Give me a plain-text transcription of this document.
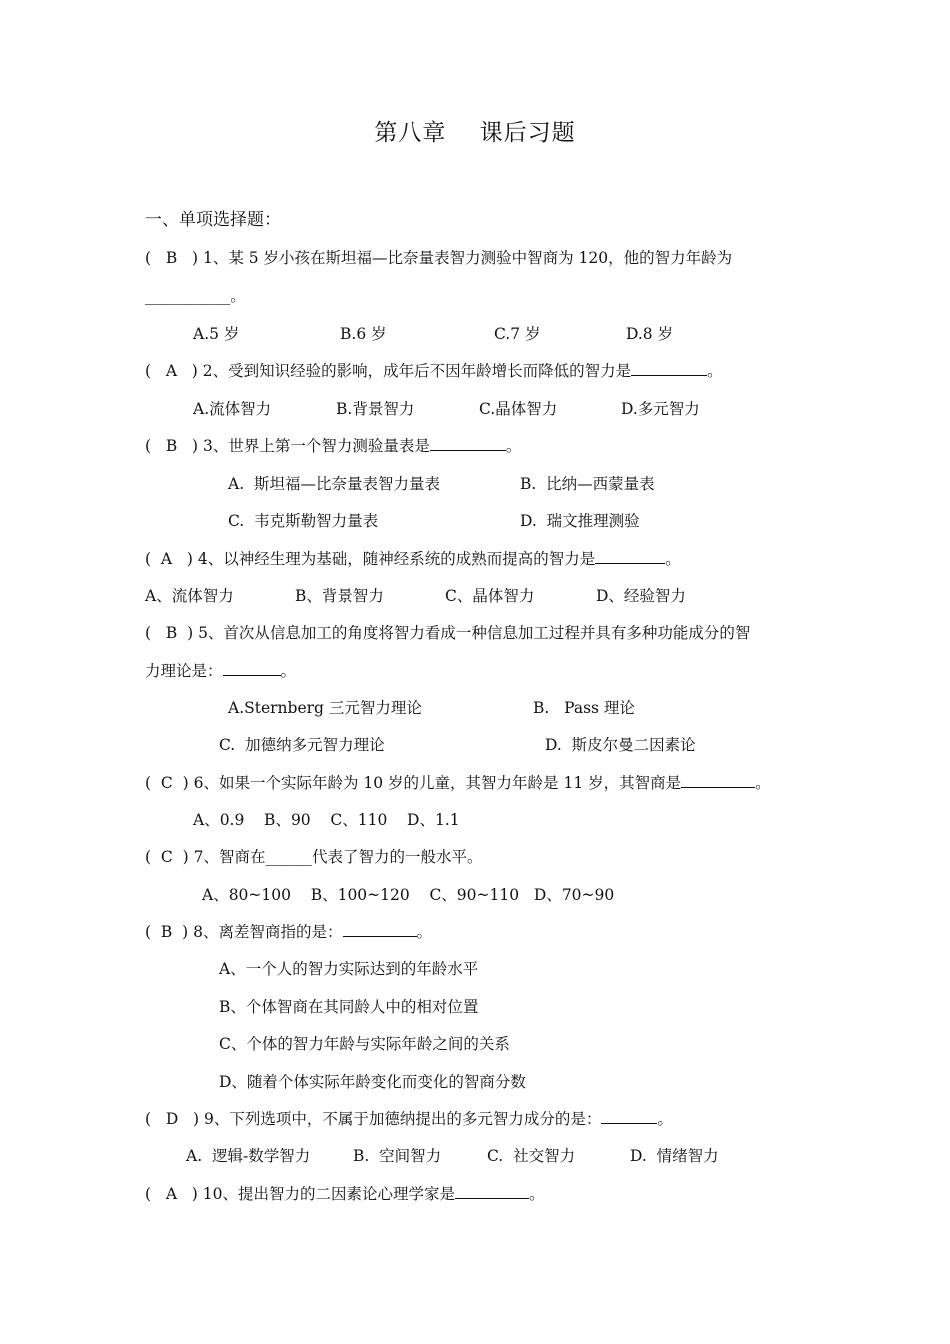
第八章    课后习题
一、单项选择题：
(   B   ) 1、某 5 岁小孩在斯坦福—比奈量表智力测验中智商为 120，他的智力年龄为
___________。
A.5 岁	B.6 岁	C.7 岁	D.8 岁
(   A   ) 2、受到知识经验的影响，成年后不因年龄增长而降低的智力是	。
A.流体智力	B.背景智力	C.晶体智力	D.多元智力
(   B   ) 3、世界上第一个智力测验量表是	。
A.  斯坦福—比奈量表智力量表	B.  比纳—西蒙量表
C.  韦克斯勒智力量表	D.  瑞文推理测验
(  A   ) 4、以神经生理为基础，随神经系统的成熟而提高的智力是	。
A、流体智力	B、背景智力	C、晶体智力	D、经验智力
(   B  ) 5、首次从信息加工的角度将智力看成一种信息加工过程并具有多种功能成分的智
力理论是：	。
A.Sternberg 三元智力理论	B.   Pass 理论
C.  加德纳多元智力理论	D.  斯皮尔曼二因素论
(  C  ) 6、如果一个实际年龄为 10 岁的儿童，其智力年龄是 11 岁，其智商是	。
A、0.9    B、90    C、110    D、1.1
(  C  ) 7、智商在______代表了智力的一般水平。
A、80~100    B、100~120    C、90~110   D、70~90
(  B  ) 8、离差智商指的是：	。
A、一个人的智力实际达到的年龄水平
B、个体智商在其同龄人中的相对位置
C、个体的智力年龄与实际年龄之间的关系
D、随着个体实际年龄变化而变化的智商分数
(   D   ) 9、下列选项中，不属于加德纳提出的多元智力成分的是：	。
A.  逻辑-数学智力	B.  空间智力	C.  社交智力	D.  情绪智力
(   A   ) 10、提出智力的二因素论心理学家是	。
